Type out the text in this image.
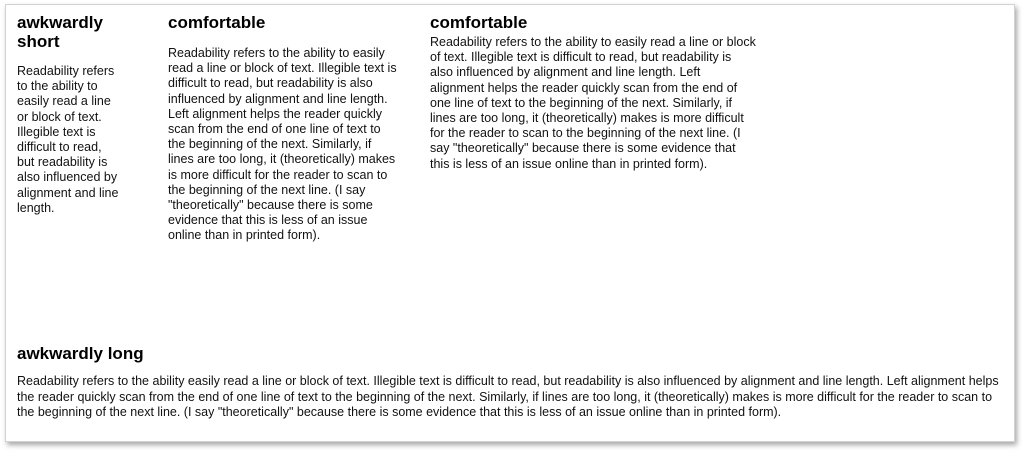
awkwardly short

Readability refers to the ability to easily read a line or block of text. Illegible text is difficult to read, but readability is also influenced by alignment and line length.

comfortable

Readability refers to the ability to easily read a line or block of text. Illegible text is difficult to read, but readability is also influenced by alignment and line length. Left alignment helps the reader quickly scan from the end of one line of text to the beginning of the next. Similarly, if lines are too long, it (theoretically) makes is more difficult for the reader to scan to the beginning of the next line. (I say "theoretically" because there is some evidence that this is less of an issue online than in printed form).

comfortable

Readability refers to the ability to easily read a line or block of text. Illegible text is difficult to read, but readability is also influenced by alignment and line length. Left alignment helps the reader quickly scan from the end of one line of text to the beginning of the next. Similarly, if lines are too long, it (theoretically) makes is more difficult for the reader to scan to the beginning of the next line. (I say "theoretically" because there is some evidence that this is less of an issue online than in printed form).

awkwardly long

Readability refers to the ability easily read a line or block of text. Illegible text is difficult to read, but readability is also influenced by alignment and line length. Left alignment helps the reader quickly scan from the end of one line of text to the beginning of the next. Similarly, if lines are too long, it (theoretically) makes is more difficult for the reader to scan to the beginning of the next line. (I say "theoretically" because there is some evidence that this is less of an issue online than in printed form).
